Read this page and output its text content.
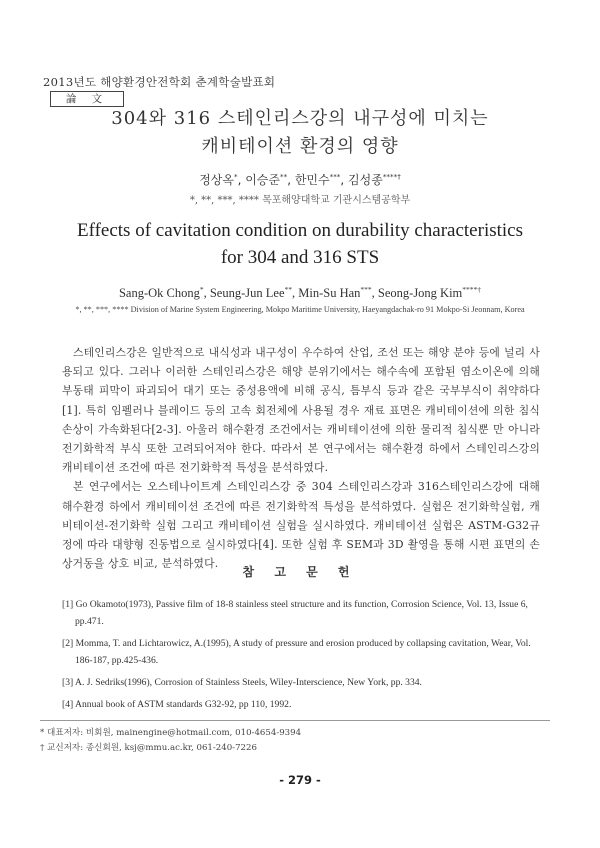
2013년도 해양환경안전학회 춘계학술발표회
論 文
304와 316 스테인리스강의 내구성에 미치는
캐비테이션 환경의 영향
정상옥*, 이승준**, 한민수***, 김성종****†
*, **, ***, **** 목포해양대학교 기관시스템공학부
Effects of cavitation condition on durability characteristics
for 304 and 316 STS
Sang-Ok Chong*, Seung-Jun Lee**, Min-Su Han***, Seong-Jong Kim****†
*, **, ***, **** Division of Marine System Engineering, Mokpo Maritime University, Haeyangdachak-ro 91 Mokpo-Si Jeonnam, Korea

스테인리스강은 일반적으로 내식성과 내구성이 우수하여 산업, 조선 또는 해양 분야 등에 널리 사용되고 있다. 그러나 이러한 스테인리스강은 해양 분위기에서는 해수속에 포함된 염소이온에 의해 부동태 피막이 파괴되어 대기 또는 중성용액에 비해 공식, 틈부식 등과 같은 국부부식이 취약하다[1]. 특히 임펠러나 블레이드 등의 고속 회전체에 사용될 경우 재료 표면은 캐비테이션에 의한 침식 손상이 가속화된다[2-3]. 아울러 해수환경 조건에서는 캐비테이션에 의한 물리적 침식뿐 만 아니라 전기화학적 부식 또한 고려되어져야 한다. 따라서 본 연구에서는 해수환경 하에서 스테인리스강의 캐비테이션 조건에 따른 전기화학적 특성을 분석하였다.

본 연구에서는 오스테나이트계 스테인리스강 중 304 스테인리스강과 316스테인리스강에 대해 해수환경 하에서 캐비테이션 조건에 따른 전기화학적 특성을 분석하였다. 실험은 전기화학실험, 캐비테이션-전기화학 실험 그리고 캐비테이션 실험을 실시하였다. 캐비테이션 실험은 ASTM-G32규정에 따라 대향형 진동법으로 실시하였다[4]. 또한 실험 후 SEM과 3D 촬영을 통해 시편 표면의 손상거동을 상호 비교, 분석하였다.

참 고 문 헌
[1] Go Okamoto(1973), Passive film of 18-8 stainless steel structure and its function, Corrosion Science, Vol. 13, Issue 6, pp.471.
[2] Momma, T. and Lichtarowicz, A.(1995), A study of pressure and erosion produced by collapsing cavitation, Wear, Vol. 186-187, pp.425-436.
[3] A. J. Sedriks(1996), Corrosion of Stainless Steels, Wiley-Interscience, New York, pp. 334.
[4] Annual book of ASTM standards G32-92, pp 110, 1992.
* 대표저자: 비회원, mainengine@hotmail.com, 010-4654-9394
† 교신저자: 종신회원, ksj@mmu.ac.kr, 061-240-7226
- 279 -
